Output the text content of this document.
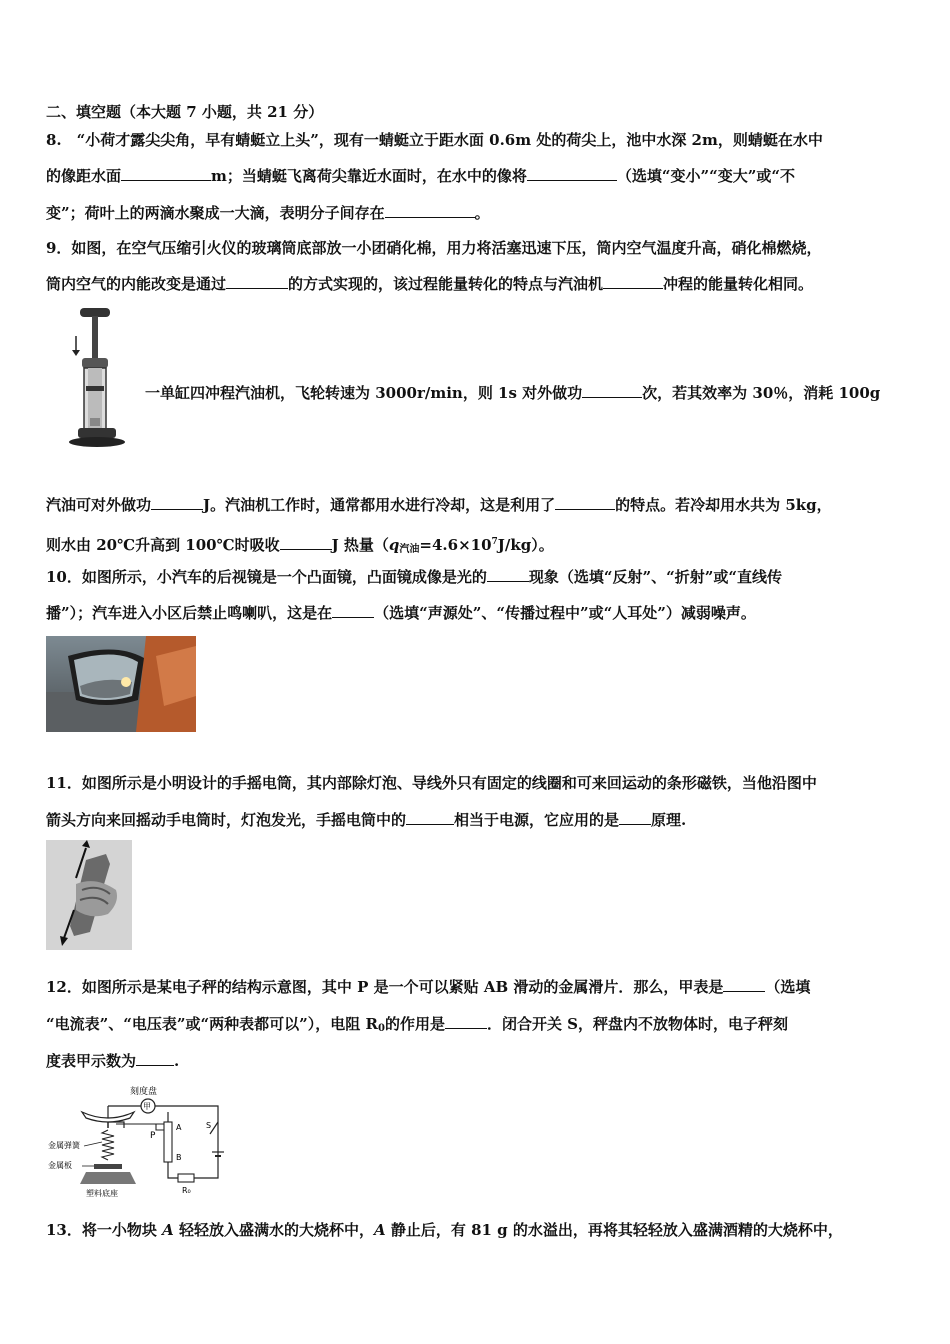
二、填空题（本大题 7 小题，共 21 分）
8.　“小荷才露尖尖角，早有蜻蜓立上头”，现有一蜻蜓立于距水面 0.6m 处的荷尖上，池中水深 2m，则蜻蜓在水中
的像距水面	m；当蜻蜓飞离荷尖靠近水面时，在水中的像将	（选填“变小”“变大”或“不
变”；荷叶上的两滴水聚成一大滴，表明分子间存在	。
9．如图，在空气压缩引火仪的玻璃筒底部放一小团硝化棉，用力将活塞迅速下压，筒内空气温度升高，硝化棉燃烧，
筒内空气的内能改变是通过	的方式实现的，该过程能量转化的特点与汽油机	冲程的能量转化相同。
一单缸四冲程汽油机，飞轮转速为 3000r/min，则 1s 对外做功	次，若其效率为 30％，消耗 100g
汽油可对外做功	J。汽油机工作时，通常都用水进行冷却，这是利用了	的特点。若冷却用水共为 5kg，
则水由 20℃升高到 100℃时吸收	J 热量$(q_{汽油}=4.6\times 10^7J/kg)$。
10．如图所示，小汽车的后视镜是一个凸面镜，凸面镜成像是光的	现象（选填“反射”、“折射”或“直线传
播”）；汽车进入小区后禁止鸣喇叭，这是在	（选填“声源处”、“传播过程中”或“人耳处”）减弱噪声。
11．如图所示是小明设计的手摇电筒，其内部除灯泡、导线外只有固定的线圈和可来回运动的条形磁铁，当他沿图中
箭头方向来回摇动手电筒时，灯泡发光，手摇电筒中的	相当于电源，它应用的是 原理.
12．如图所示是某电子秤的结构示意图，其中 P 是一个可以紧贴 AB 滑动的金属滑片．那么，甲表是	（选填
“电流表”、“电压表”或“两种表都可以”），电阻 $R_0$的作用是	．闭合开关 S，秤盘内不放物体时，电子秤刻
度表甲示数为	.
刻度盘
甲
P
A
B
R₀
S
金属弹簧
金属板
塑料底座
13．将一小物块 A 轻轻放入盛满水的大烧杯中，A 静止后，有 81 g 的水溢出，再将其轻轻放入盛满酒精的大烧杯中，
